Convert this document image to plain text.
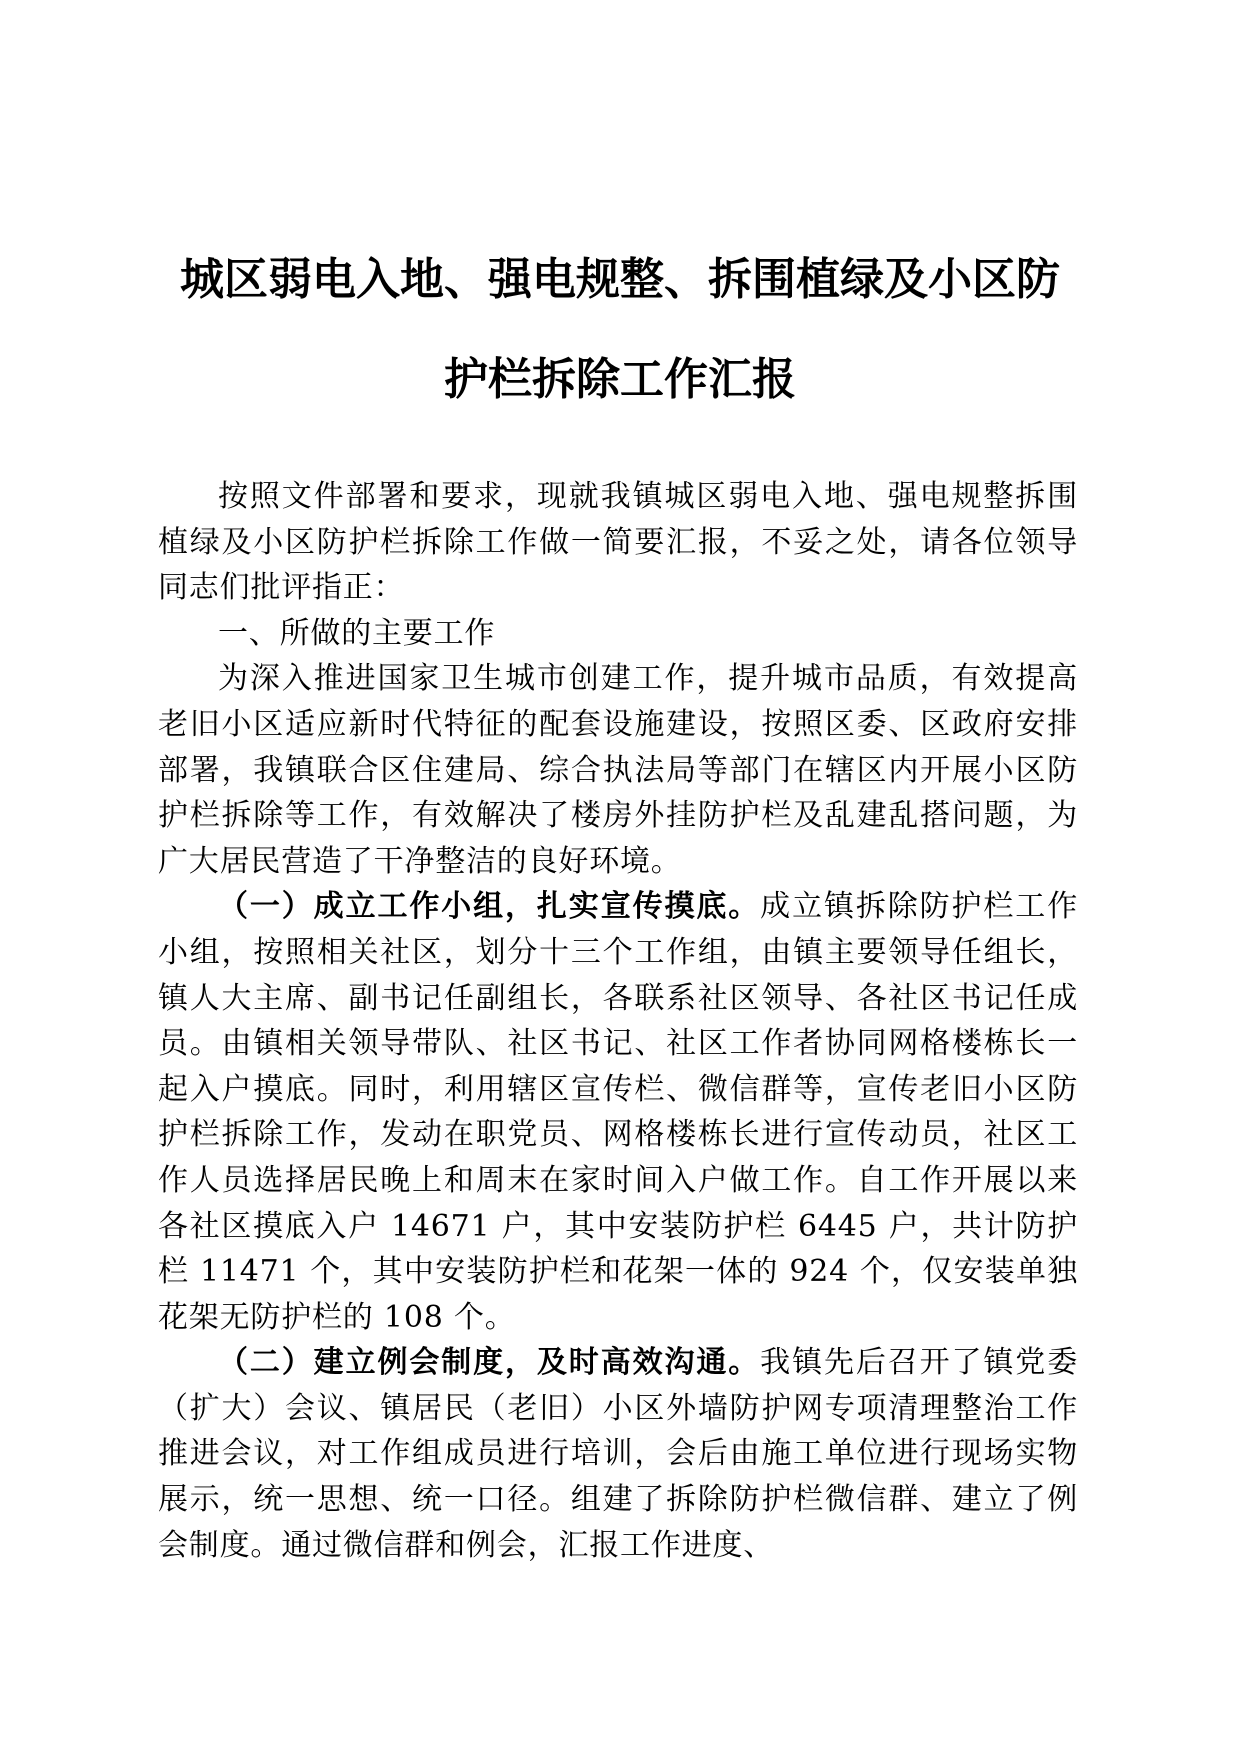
城区弱电入地、强电规整、拆围植绿及小区防
护栏拆除工作汇报

按照文件部署和要求，现就我镇城区弱电入地、强电规整拆围植绿及小区防护栏拆除工作做一简要汇报，不妥之处，请各位领导同志们批评指正：

一、所做的主要工作

为深入推进国家卫生城市创建工作，提升城市品质，有效提高老旧小区适应新时代特征的配套设施建设，按照区委、区政府安排部署，我镇联合区住建局、综合执法局等部门在辖区内开展小区防护栏拆除等工作，有效解决了楼房外挂防护栏及乱建乱搭问题，为广大居民营造了干净整洁的良好环境。

（一）成立工作小组，扎实宣传摸底。成立镇拆除防护栏工作小组，按照相关社区，划分十三个工作组，由镇主要领导任组长，镇人大主席、副书记任副组长，各联系社区领导、各社区书记任成员。由镇相关领导带队、社区书记、社区工作者协同网格楼栋长一起入户摸底。同时，利用辖区宣传栏、微信群等，宣传老旧小区防护栏拆除工作，发动在职党员、网格楼栋长进行宣传动员，社区工作人员选择居民晚上和周末在家时间入户做工作。自工作开展以来各社区摸底入户 14671 户，其中安装防护栏 6445 户，共计防护栏 11471 个，其中安装防护栏和花架一体的 924 个，仅安装单独花架无防护栏的 108 个。

（二）建立例会制度，及时高效沟通。我镇先后召开了镇党委（扩大）会议、镇居民（老旧）小区外墙防护网专项清理整治工作推进会议，对工作组成员进行培训，会后由施工单位进行现场实物展示，统一思想、统一口径。组建了拆除防护栏微信群、建立了例会制度。通过微信群和例会，汇报工作进度、
